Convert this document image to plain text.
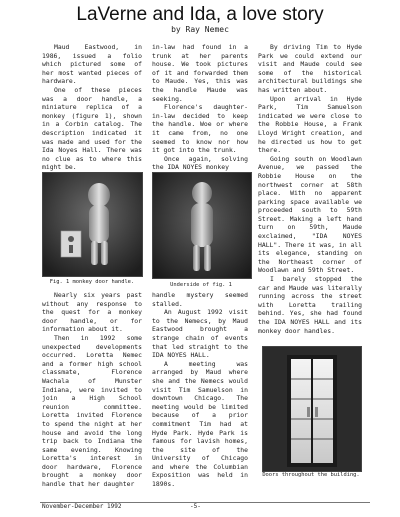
LaVerne and Ida, a love story
by Ray Nemec

Maud Eastwood, in 1986, issued a folio which pictured some of her most wanted pieces of hardware.

One of these pieces was a door handle, a miniature replica of a monkey (figure 1), shown in a Corbin catalog. The description indicated it was made and used for the Ida Noyes Hall. There was no clue as to where this might be.

in-law had found in a trunk at her parents house. We took pictures of it and forwarded them to Maude. Yes, this was the handle Maude was seeking.

Florence's daughter-in-law decided to keep the handle. Woe or where it came from, no one seemed to know nor how it got into the trunk.

Once again, solving the IDA NOYES monkey

By driving Tim to Hyde Park we could extend our visit and Maude could see some of the historical architectural buildings she has written about.

Upon arrival in Hyde Park, Tim Samuelson indicated we were close to the Robbie House, a Frank Lloyd Wright creation, and he directed us how to get there.

Going south on Woodlawn Avenue, we passed the Robbie House on the northwest corner at 58th place. With no apparent parking space available we proceeded south to 59th Street. Making a left hand turn on 59th, Maude exclaimed, "IDA NOYES HALL". There it was, in all its elegance, standing on the Northeast corner of Woodlawn and 59th Street.

I barely stopped the car and Maude was literally running across the street with Loretta trailing behind. Yes, she had found the IDA NOYES HALL and its monkey door handles.

Fig. 1 monkey door handle.	Underside of fig. 1

Nearly six years past without any response to the quest for a monkey door handle, or for information about it.

Then in 1992 some unexpected developments occurred. Loretta Nemec and a former high school classmate, Florence Wachala of Munster Indiana, were invited to join a High School reunion committee. Loretta invited Florence to spend the night at her house and avoid the long trip back to Indiana the same evening. Knowing Loretta's interest in door hardware, Florence brought a monkey door handle that her daughter

handle mystery seemed stalled.

An August 1992 visit to the Nemecs, by Maud Eastwood brought a strange chain of events that led straight to the IDA NOYES HALL.

A meeting was arranged by Maud where she and the Nemecs would visit Tim Samuelson in downtown Chicago. The meeting would be limited because of a prior commitment Tim had at Hyde Park. Hyde Park is famous for lavish homes, the site of the University of Chicago and where the Columbian Exposition was held in 1890s.

Doors throughout the building.
November-December 1992	-5-
